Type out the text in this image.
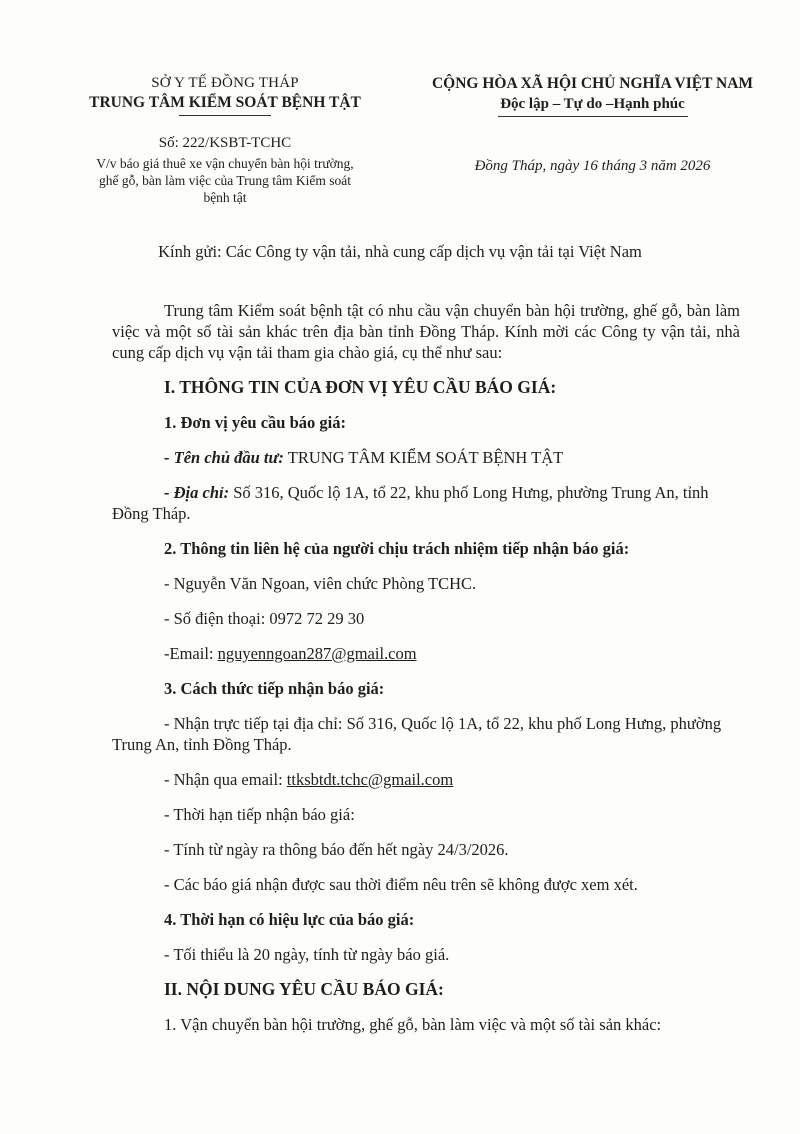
SỞ Y TẾ ĐỒNG THÁP
TRUNG TÂM KIỂM SOÁT BỆNH TẬT
Số: 222/KSBT-TCHC
V/v báo giá thuê xe vận chuyển bàn hội trường,
ghế gỗ, bàn làm việc của Trung tâm Kiểm soát
bệnh tật
CỘNG HÒA XÃ HỘI CHỦ NGHĨA VIỆT NAM
Độc lập – Tự do –Hạnh phúc
Đồng Tháp, ngày 16 tháng 3 năm 2026
Kính gửi: Các Công ty vận tải, nhà cung cấp dịch vụ vận tải tại Việt Nam

Trung tâm Kiểm soát bệnh tật có nhu cầu vận chuyển bàn hội trường, ghế gỗ, bàn làm việc và một số tài sản khác trên địa bàn tỉnh Đồng Tháp. Kính mời các Công ty vận tải, nhà cung cấp dịch vụ vận tải tham gia chào giá, cụ thể như sau:

I. THÔNG TIN CỦA ĐƠN VỊ YÊU CẦU BÁO GIÁ:
1. Đơn vị yêu cầu báo giá:
- Tên chủ đầu tư: TRUNG TÂM KIỂM SOÁT BỆNH TẬT

- Địa chỉ: Số 316, Quốc lộ 1A, tổ 22, khu phố Long Hưng, phường Trung An, tỉnh Đồng Tháp.

2. Thông tin liên hệ của người chịu trách nhiệm tiếp nhận báo giá:
- Nguyễn Văn Ngoan, viên chức Phòng TCHC.
- Số điện thoại: 0972 72 29 30
-Email: nguyenngoan287@gmail.com
3. Cách thức tiếp nhận báo giá:

- Nhận trực tiếp tại địa chỉ: Số 316, Quốc lộ 1A, tổ 22, khu phố Long Hưng, phường Trung An, tỉnh Đồng Tháp.

- Nhận qua email: ttksbtdt.tchc@gmail.com
- Thời hạn tiếp nhận báo giá:
- Tính từ ngày ra thông báo đến hết ngày 24/3/2026.
- Các báo giá nhận được sau thời điểm nêu trên sẽ không được xem xét.
4. Thời hạn có hiệu lực của báo giá:
- Tối thiểu là 20 ngày, tính từ ngày báo giá.
II. NỘI DUNG YÊU CẦU BÁO GIÁ:
1. Vận chuyển bàn hội trường, ghế gỗ, bàn làm việc và một số tài sản khác:
